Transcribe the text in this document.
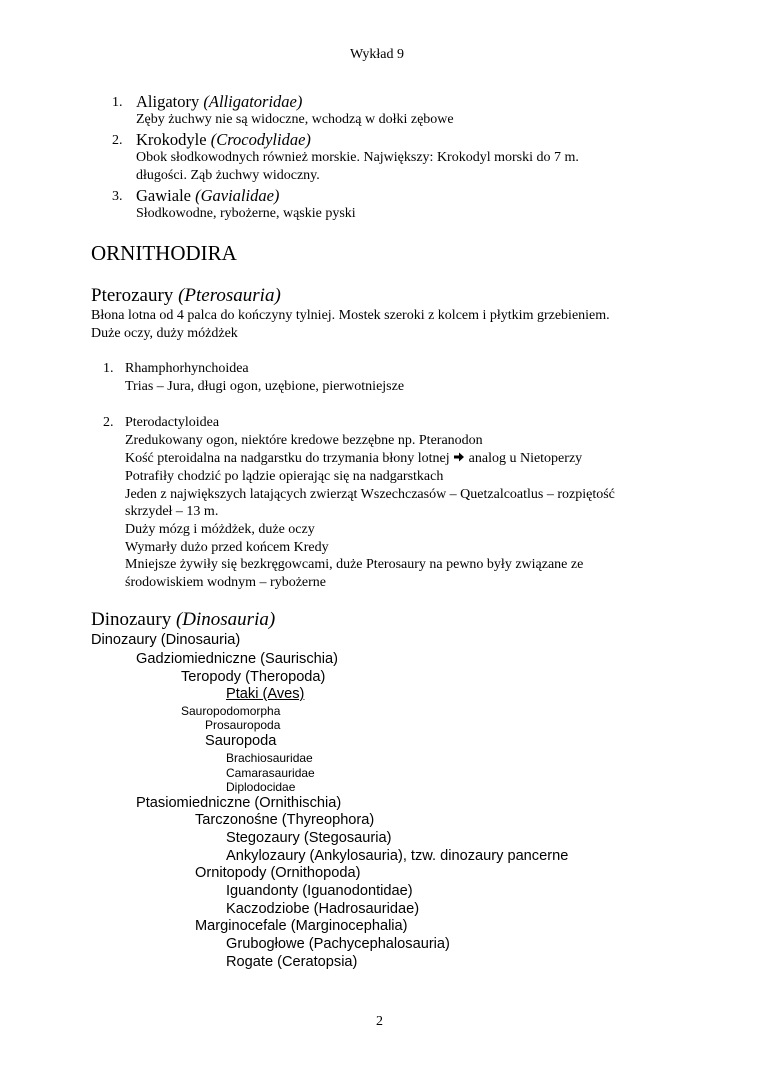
Wykład 9
1. Aligatory (Alligatoridae)
Zęby żuchwy nie są widoczne, wchodzą w dołki zębowe
2. Krokodyle (Crocodylidae)
Obok słodkowodnych również morskie. Największy: Krokodyl morski do 7 m.
długości. Ząb żuchwy widoczny.
3. Gawiale (Gavialidae)
Słodkowodne, rybożerne, wąskie pyski
ORNITHODIRA
Pterozaury (Pterosauria)
Błona lotna od 4 palca do kończyny tylniej. Mostek szeroki z kolcem i płytkim grzebieniem.
Duże oczy, duży móżdżek
1. Rhamphorhynchoidea
Trias – Jura, długi ogon, uzębione, pierwotniejsze
2. Pterodactyloidea
Zredukowany ogon, niektóre kredowe bezzębne np. Pteranodon
Kość pteroidalna na nadgarstku do trzymania błony lotnej analog u Nietoperzy
Potrafiły chodzić po lądzie opierając się na nadgarstkach
Jeden z największych latających zwierząt Wszechczasów – Quetzalcoatlus – rozpiętość
skrzydeł – 13 m.
Duży mózg i móżdżek, duże oczy
Wymarły dużo przed końcem Kredy
Mniejsze żywiły się bezkręgowcami, duże Pterosaury na pewno były związane ze
środowiskiem wodnym – rybożerne
Dinozaury (Dinosauria)
Dinozaury (Dinosauria)
Gadziomiedniczne (Saurischia)
Teropody (Theropoda)
Ptaki (Aves)
Sauropodomorpha
Prosauropoda
Sauropoda
Brachiosauridae
Camarasauridae
Diplodocidae
Ptasiomiedniczne (Ornithischia)
Tarczonośne (Thyreophora)
Stegozaury (Stegosauria)
Ankylozaury (Ankylosauria), tzw. dinozaury pancerne
Ornitopody (Ornithopoda)
Iguandonty (Iguanodontidae)
Kaczodziobe (Hadrosauridae)
Marginocefale (Marginocephalia)
Grubogłowe (Pachycephalosauria)
Rogate (Ceratopsia)
2
